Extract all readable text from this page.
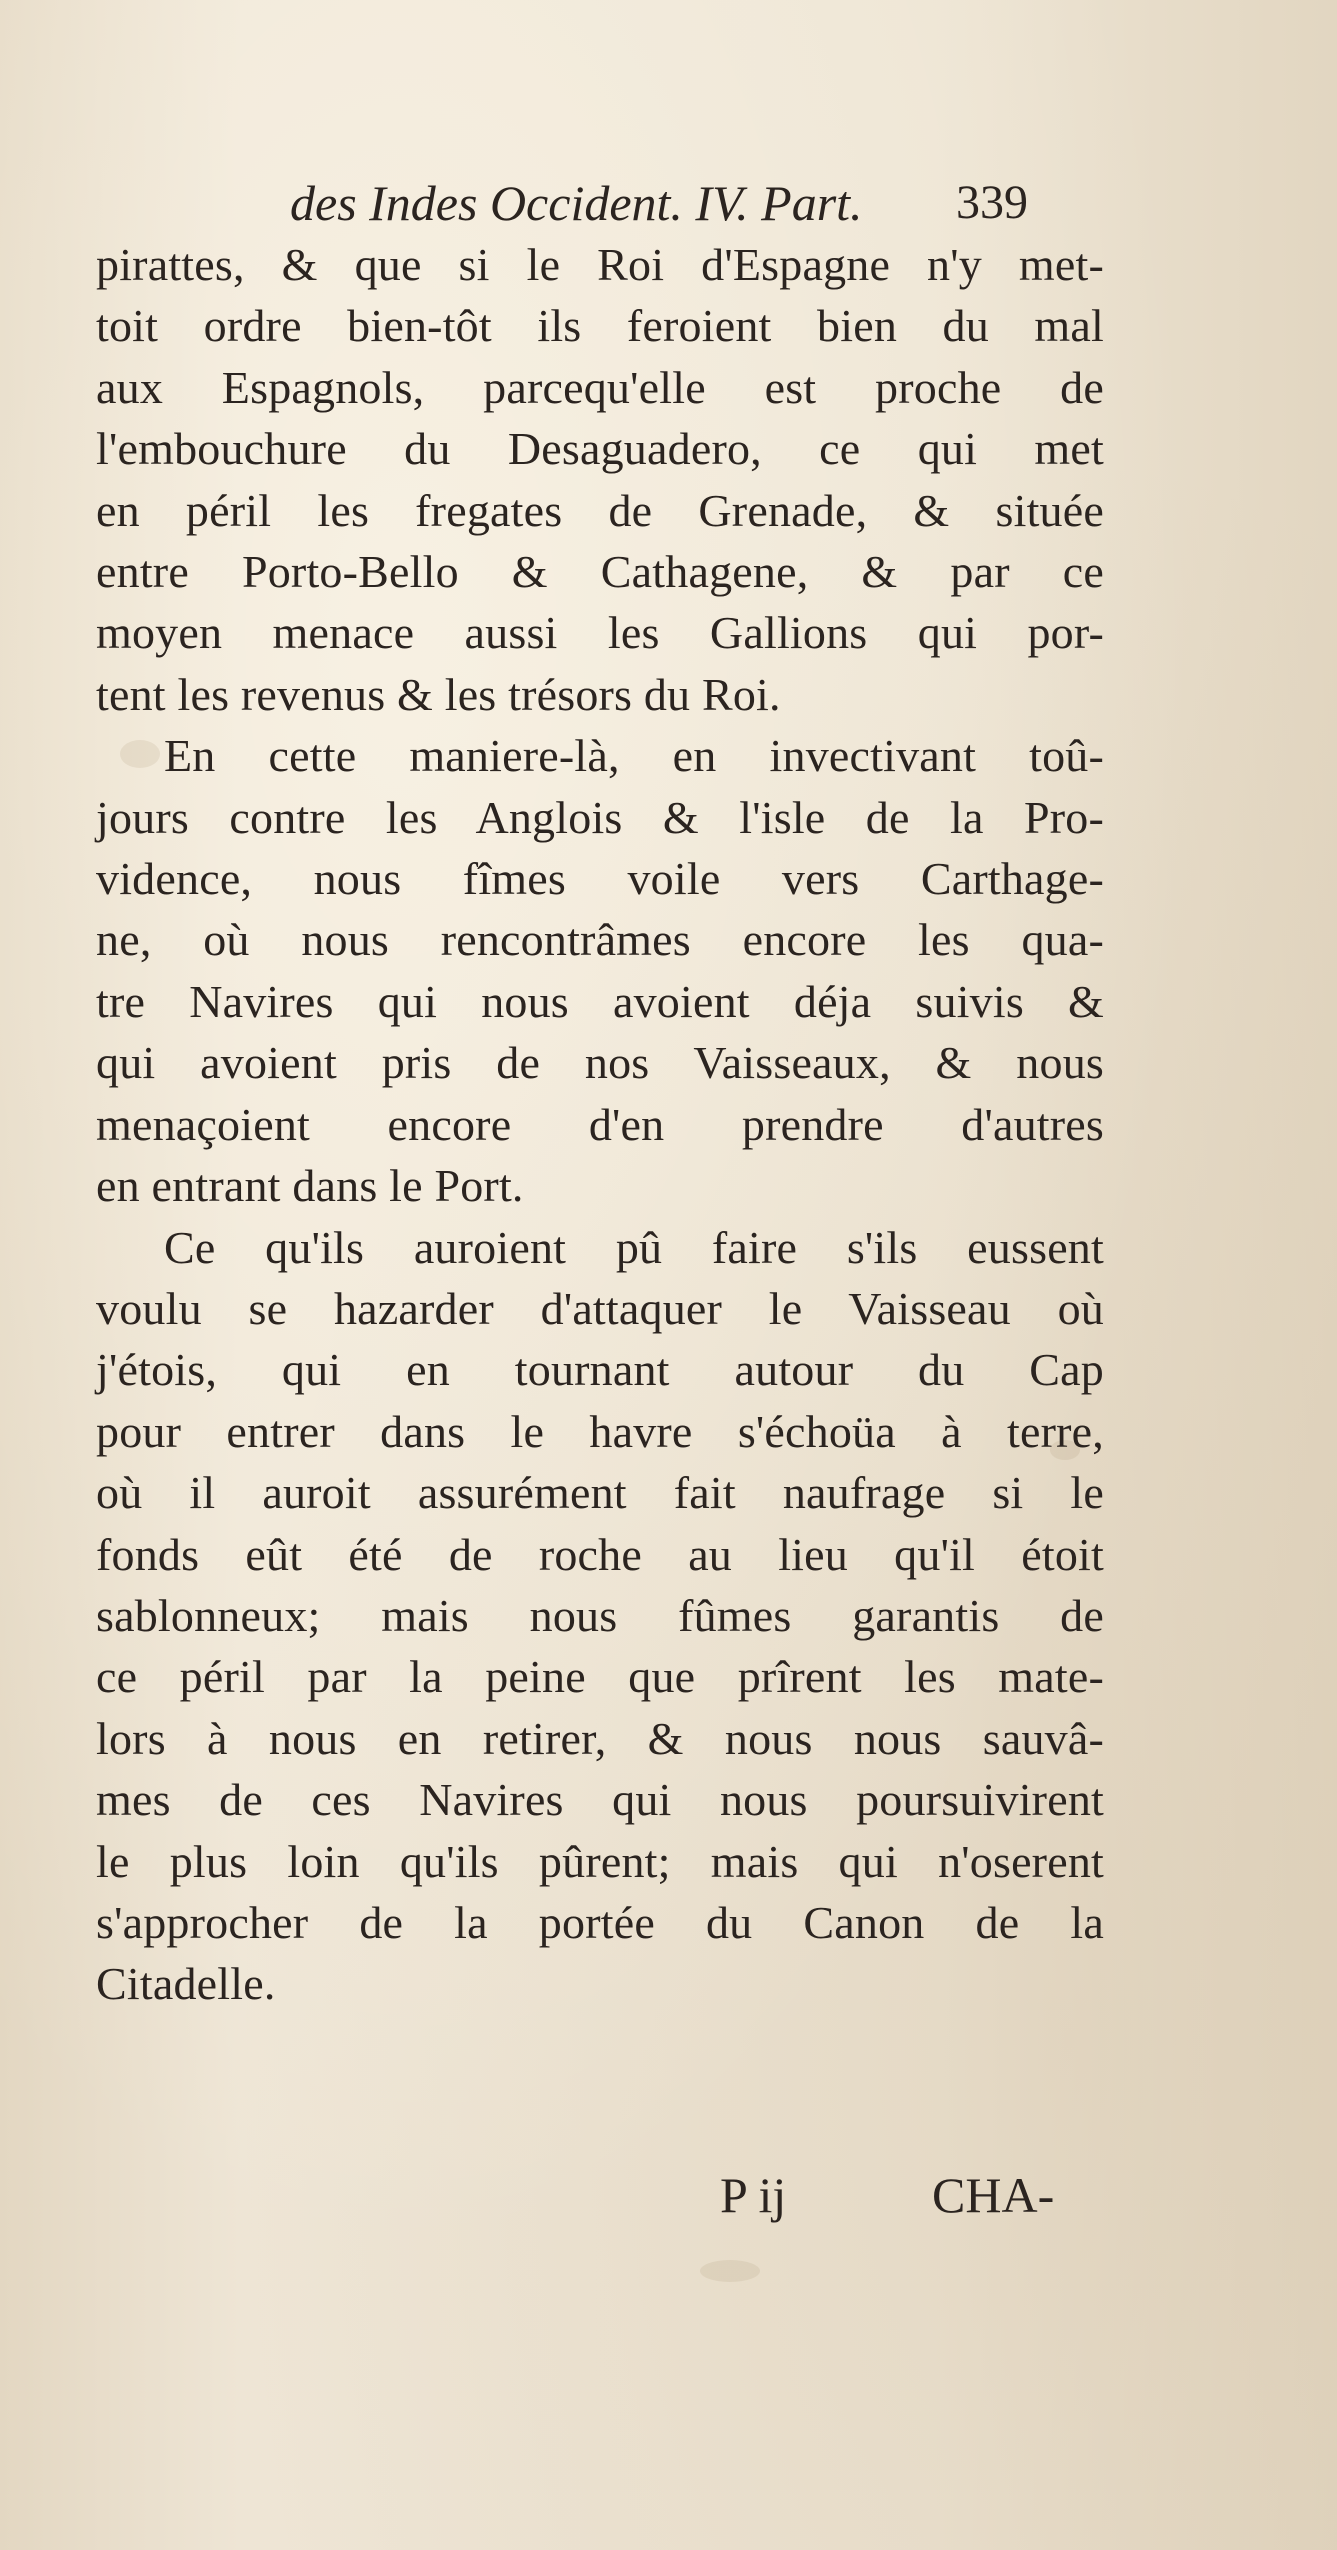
des Indes Occident. IV. Part. 339

pirattes, & que si le Roi d'Espagne n'y met-
toit ordre bien-tôt ils feroient bien du mal
aux Espagnols, parcequ'elle est proche de
l'embouchure du Desaguadero, ce qui met
en péril les fregates de Grenade, & située
entre Porto-Bello & Cathagene, & par ce
moyen menace aussi les Gallions qui por-
tent les revenus & les trésors du Roi.

En cette maniere-là, en invectivant toû-
jours contre les Anglois & l'isle de la Pro-
vidence, nous fîmes voile vers Carthage-
ne, où nous rencontrâmes encore les qua-
tre Navires qui nous avoient déja suivis &
qui avoient pris de nos Vaisseaux, & nous
menaçoient encore d'en prendre d'autres
en entrant dans le Port.

Ce qu'ils auroient pû faire s'ils eussent
voulu se hazarder d'attaquer le Vaisseau où
j'étois, qui en tournant autour du Cap
pour entrer dans le havre s'échoüa à terre,
où il auroit assurément fait naufrage si le
fonds eût été de roche au lieu qu'il étoit
sablonneux; mais nous fûmes garantis de
ce péril par la peine que prîrent les mate-
lors à nous en retirer, & nous nous sauvâ-
mes de ces Navires qui nous poursuivirent
le plus loin qu'ils pûrent; mais qui n'oserent
s'approcher de la portée du Canon de la
Citadelle.

P ij	CHA-
